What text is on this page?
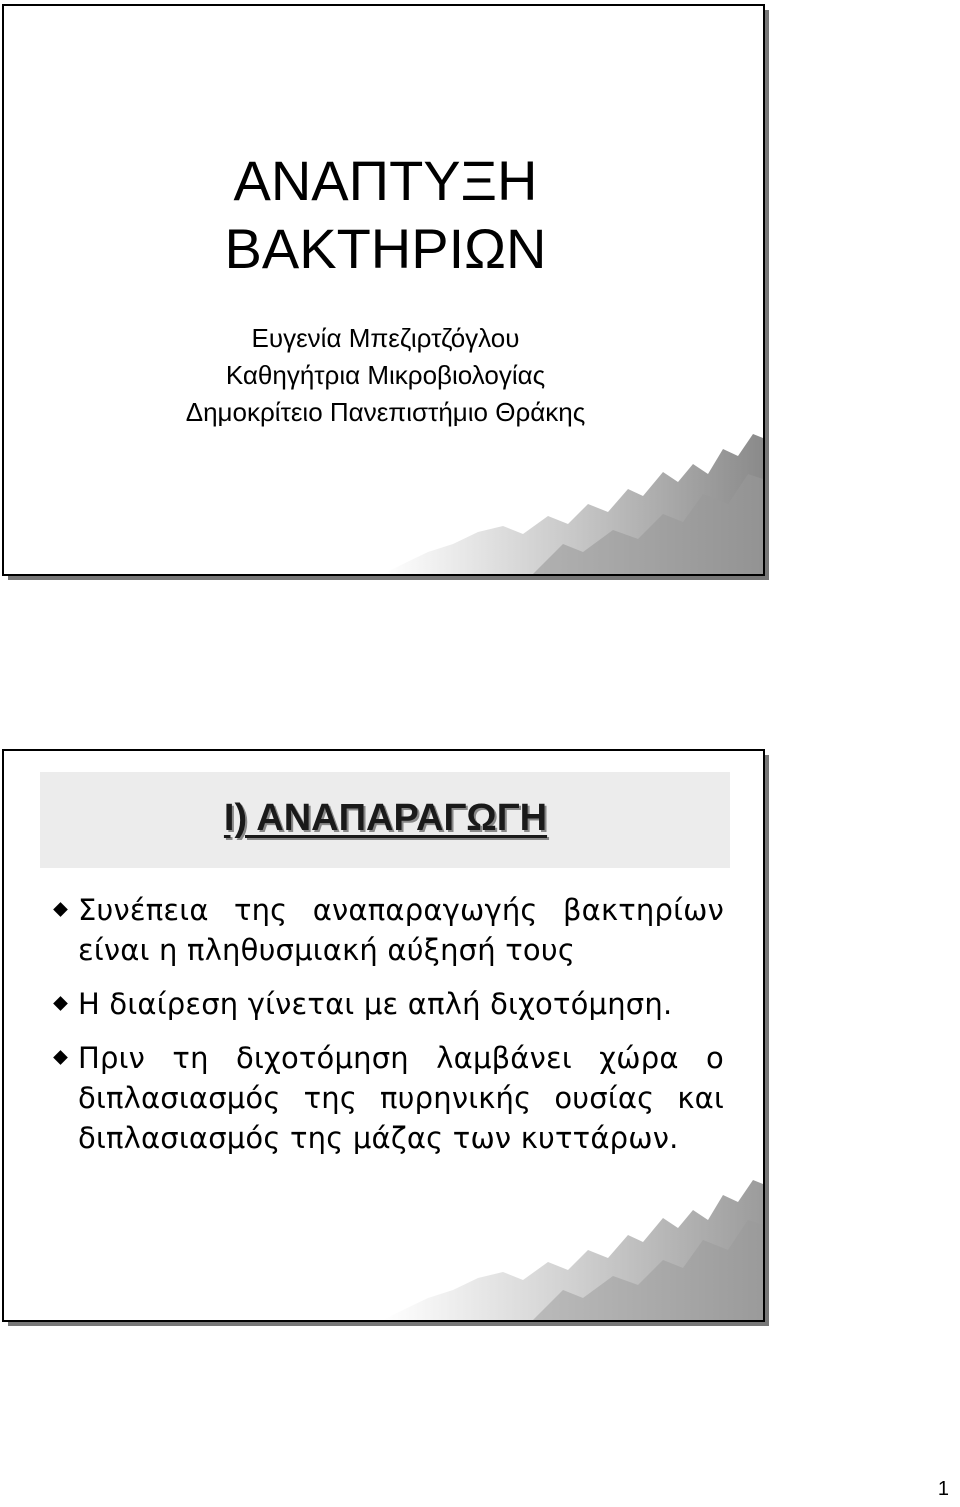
ΑΝΑΠΤΥΞΗ
ΒΑΚΤΗΡΙΩΝ
Ευγενία Μπεζιρτζόγλου
Καθηγήτρια Μικροβιολογίας
Δημοκρίτειο Πανεπιστήμιο Θράκης
Ι) ΑΝΑΠΑΡΑΓΩΓΗ
Συνέπεια της αναπαραγωγής βακτηρίων είναι η πληθυσμιακή αύξησή τους
Η διαίρεση γίνεται με απλή διχοτόμηση.
Πριν τη διχοτόμηση λαμβάνει χώρα ο διπλασιασμός της πυρηνικής ουσίας και διπλασιασμός της μάζας των κυττάρων.
1
